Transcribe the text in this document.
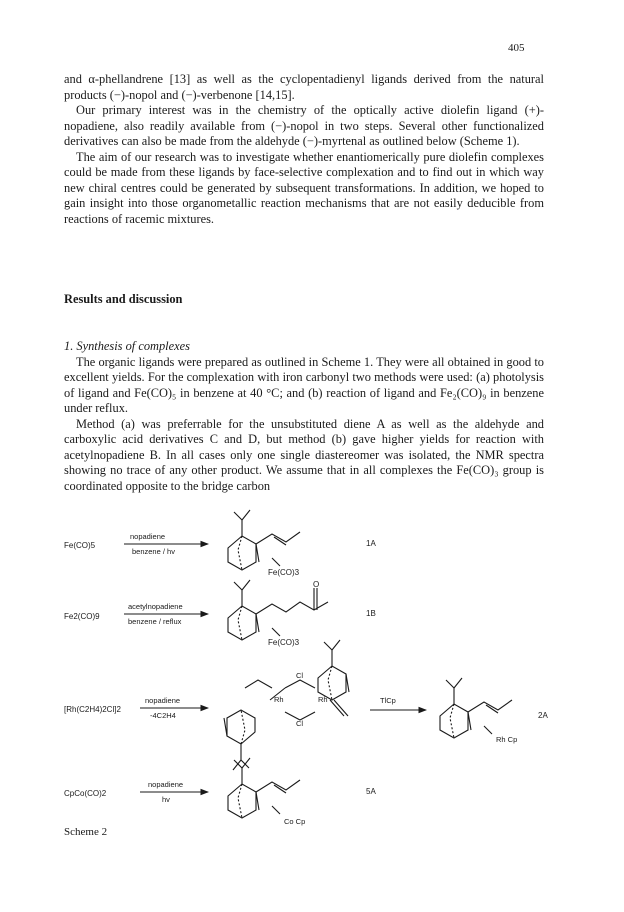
405

and α-phellandrene [13] as well as the cyclopentadienyl ligands derived from the natural products (−)-nopol and (−)-verbenone [14,15].

Our primary interest was in the chemistry of the optically active diolefin ligand (+)-nopadiene, also readily available from (−)-nopol in two steps. Several other functionalized derivatives can also be made from the aldehyde (−)-myrtenal as outlined below (Scheme 1).

The aim of our research was to investigate whether enantiomerically pure diolefin complexes could be made from these ligands by face-selective complexation and to find out in which way new chiral centres could be generated by subsequent transformations. In addition, we hoped to gain insight into those organometallic reaction mechanisms that are not easily deducible from reactions of racemic mixtures.

Results and discussion
1. Synthesis of complexes

The organic ligands were prepared as outlined in Scheme 1. They were all obtained in good to excellent yields. For the complexation with iron carbonyl two methods were used: (a) photolysis of ligand and Fe(CO)₅ in benzene at 40 °C; and (b) reaction of ligand and Fe₂(CO)₉ in benzene under reflux.

Method (a) was preferrable for the unsubstituted diene A as well as the aldehyde and carboxylic acid derivatives C and D, but method (b) gave higher yields for reaction with acetylnopadiene B. In all cases only one single diastereomer was isolated, the NMR spectra showing no trace of any other product. We assume that in all complexes the Fe(CO)₃ group is coordinated opposite to the bridge carbon

Fe(CO)5
nopadiene
benzene / hv
Fe(CO)3
1A
Fe2(CO)9
acetylnopadiene
benzene / reflux
O
Fe(CO)3
1B
[Rh(C2H4)2Cl]2
nopadiene
-4C2H4
Rh	Rh
Cl
Cl
TlCp
Rh Cp
2A
CpCo(CO)2
nopadiene
hv
Co Cp
5A
Scheme 2
